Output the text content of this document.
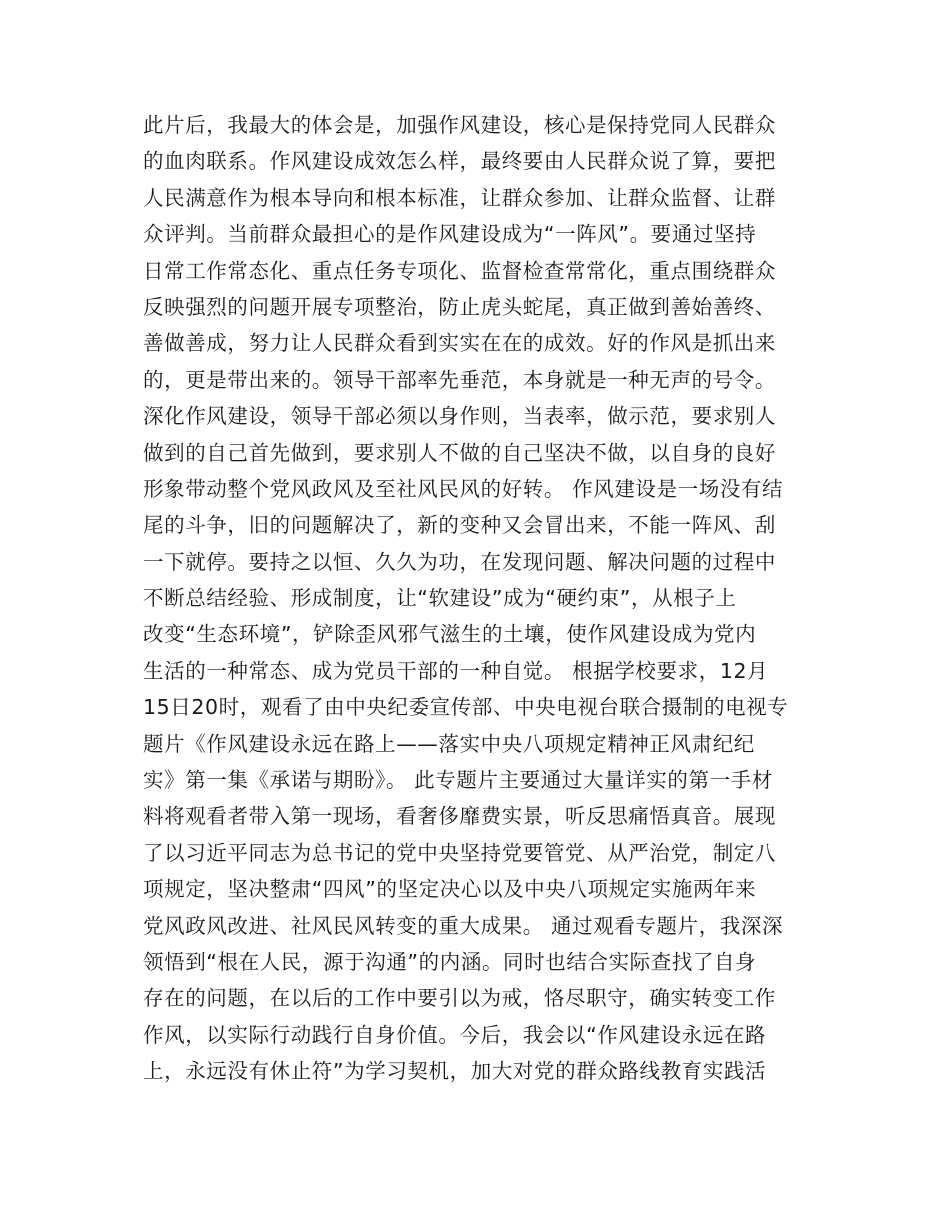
此片后，我最大的体会是，加强作风建设，核心是保持党同人民群众
的血肉联系。作风建设成效怎么样，最终要由人民群众说了算，要把
人民满意作为根本导向和根本标准，让群众参加、让群众监督、让群
众评判。当前群众最担心的是作风建设成为“一阵风”。要通过坚持
日常工作常态化、重点任务专项化、监督检查常常化，重点围绕群众
反映强烈的问题开展专项整治，防止虎头蛇尾，真正做到善始善终、
善做善成，努力让人民群众看到实实在在的成效。好的作风是抓出来
的，更是带出来的。领导干部率先垂范，本身就是一种无声的号令。
深化作风建设，领导干部必须以身作则，当表率，做示范，要求别人
做到的自己首先做到，要求别人不做的自己坚决不做，以自身的良好
形象带动整个党风政风及至社风民风的好转。 作风建设是一场没有结
尾的斗争，旧的问题解决了，新的变种又会冒出来，不能一阵风、刮
一下就停。要持之以恒、久久为功，在发现问题、解决问题的过程中
不断总结经验、形成制度，让“软建设”成为“硬约束”，从根子上
改变“生态环境”，铲除歪风邪气滋生的土壤，使作风建设成为党内
生活的一种常态、成为党员干部的一种自觉。 根据学校要求，12月
15日20时，观看了由中央纪委宣传部、中央电视台联合摄制的电视专
题片《作风建设永远在路上——落实中央八项规定精神正风肃纪纪
实》第一集《承诺与期盼》。 此专题片主要通过大量详实的第一手材
料将观看者带入第一现场，看奢侈靡费实景，听反思痛悟真音。展现
了以习近平同志为总书记的党中央坚持党要管党、从严治党，制定八
项规定，坚决整肃“四风”的坚定决心以及中央八项规定实施两年来
党风政风改进、社风民风转变的重大成果。 通过观看专题片，我深深
领悟到“根在人民，源于沟通”的内涵。同时也结合实际查找了自身
存在的问题，在以后的工作中要引以为戒，恪尽职守，确实转变工作
作风，以实际行动践行自身价值。今后，我会以“作风建设永远在路
上，永远没有休止符”为学习契机，加大对党的群众路线教育实践活
